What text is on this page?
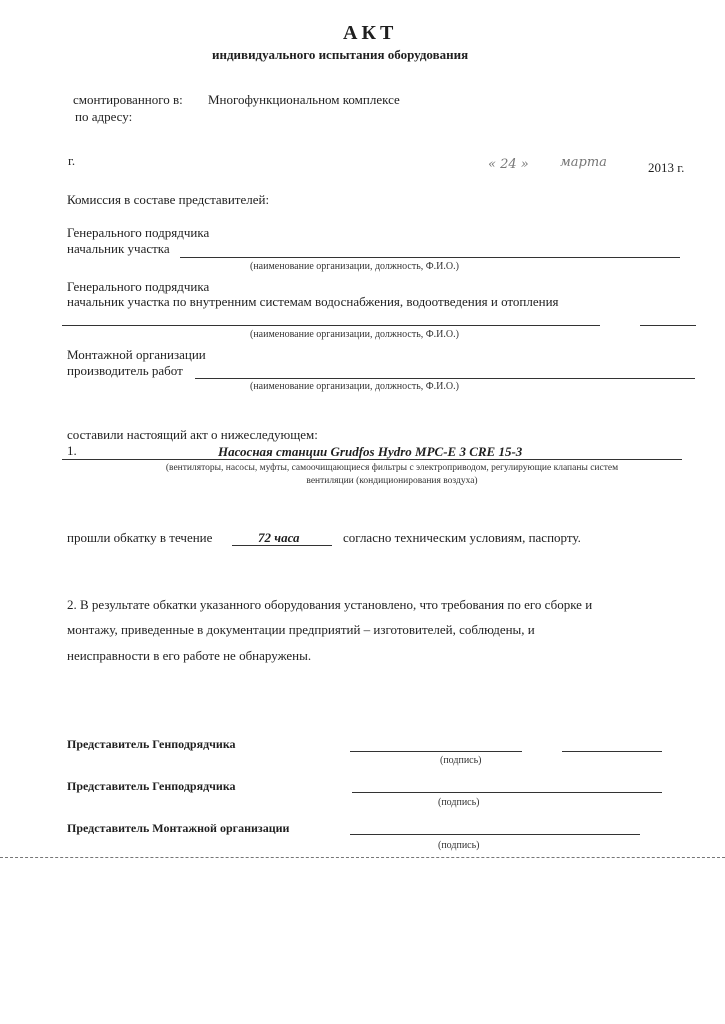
АКТ
индивидуального испытания оборудования
смонтированного в: Многофункциональном комплексе
по адресу:
г.	« 24 » марта	2013 г.
Комиссия в составе представителей:
Генерального подрядчика
начальник участка
(наименование организации, должность, Ф.И.О.)
Генерального подрядчика
начальник участка по внутренним системам водоснабжения, водоотведения и отопления
(наименование организации, должность, Ф.И.О.)
Монтажной организации
производитель работ
(наименование организации, должность, Ф.И.О.)
составили настоящий акт о нижеследующем:
1.	Насосная станции Grudfos Hydro MPC-E 3 CRE 15-3
(вентиляторы, насосы, муфты, самоочищающиеся фильтры с электроприводом, регулирующие клапаны систем
вентиляции (кондиционирования воздуха)
прошли обкатку в течение	72 часа	согласно техническим условиям, паспорту.
2. В результате обкатки указанного оборудования установлено, что требования по его сборке и
монтажу, приведенные в документации предприятий – изготовителей, соблюдены, и
неисправности в его работе не обнаружены.
Представитель Генподрядчика
(подпись)
Представитель Генподрядчика
(подпись)
Представитель Монтажной организации
(подпись)
